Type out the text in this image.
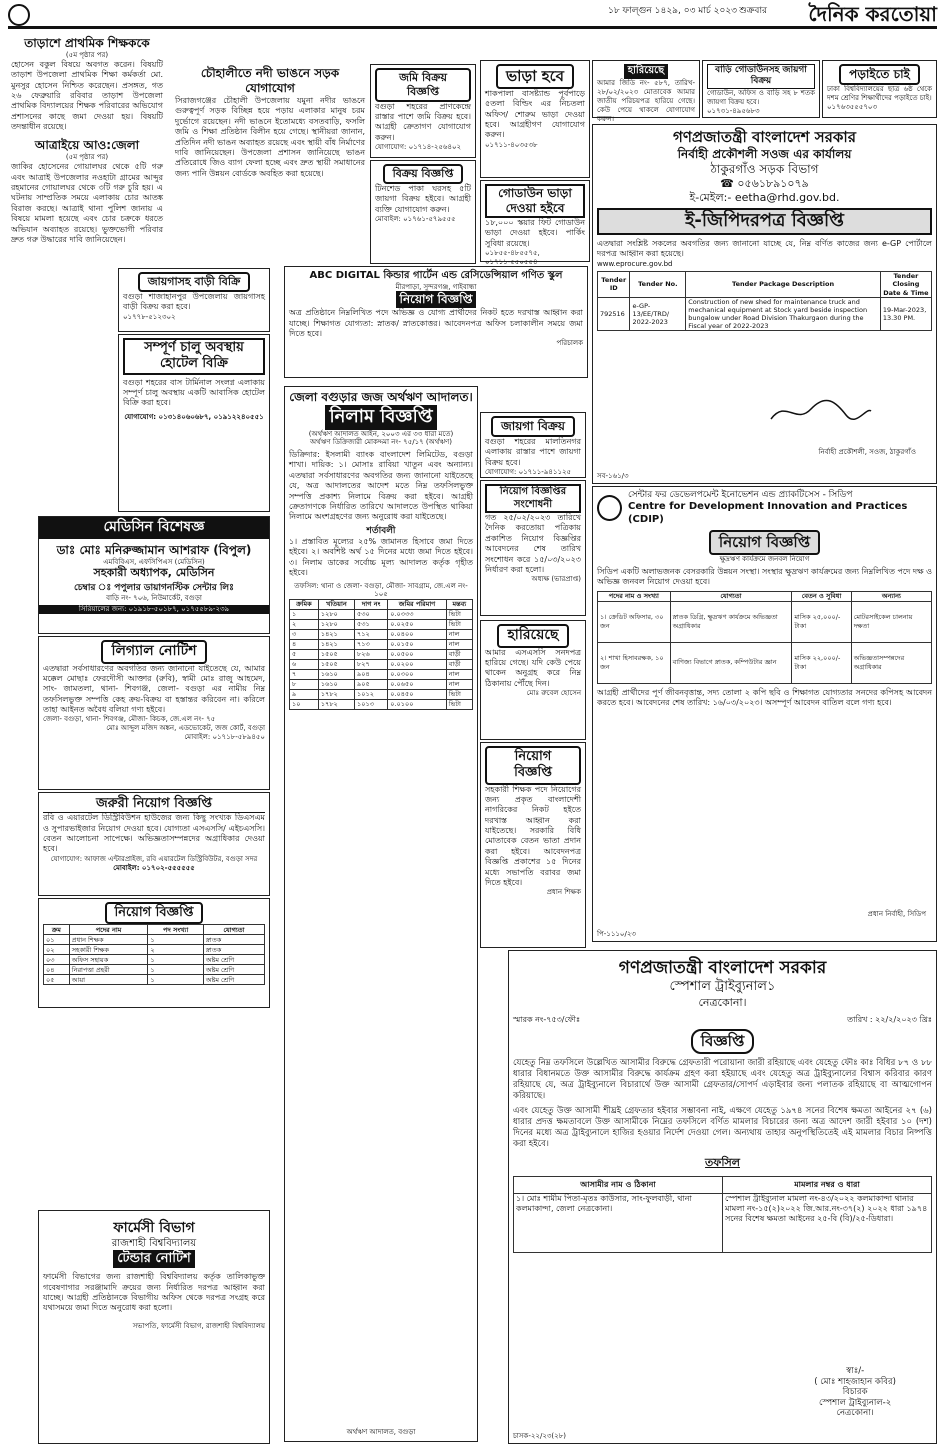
শুক্রবার
১৮ ফাল্গুন ১৪২৯, ০৩ মার্চ ২০২৩	দৈনিক করতোয়া
তাড়াশে প্রাথমিক শিক্ষককে
(৫ম পৃষ্ঠার পর)
হোসেন বকুল বিষয়ে অবগত করেন। বিষয়টি তাড়াশ উপজেলা প্রাথমিক শিক্ষা কর্মকর্তা মো. মুনসুর হোসেন নিশ্চিত করেছেন। প্রসঙ্গত, গত ২৬ ফেব্রুয়ারি রবিবার তাড়াশ উপজেলা প্রাথমিক বিদ্যালয়ের শিক্ষক পরিবারের অভিযোগ প্রশাসনের কাছে জমা দেওয়া হয়। বিষয়টি তদন্তাধীন রয়েছে।
আত্রাইয়ে আও:জেলা
(৫ম পৃষ্ঠার পর)
জাকির হোসেনের গোয়ালঘর থেকে ৫টি গরু এবং আত্রাই উপজেলার নওহাটা গ্রামের আব্দুর রহমানের গোয়ালঘর থেকে ৩টি গরু চুরি হয়। এ ঘটনায় সাম্প্রতিক সময়ে এলাকায় চোর আতঙ্ক বিরাজ করছে। আত্রাই থানা পুলিশ জানায় এ বিষয়ে মামলা হয়েছে এবং চোর চক্রকে ধরতে অভিযান অব্যাহত রয়েছে। ভুক্তভোগী পরিবার দ্রুত গরু উদ্ধারের দাবি জানিয়েছেন।
মেডিসিন বিশেষজ্ঞ
ডাঃ মোঃ মনিরুজ্জামান আশরাফ (বিপুল)
এমবিবিএস, এফসিপিএস (মেডিসিন)
সহকারী অধ্যাপক, মেডিসিন
চেম্বার ঃ পপুলার ডায়াগনস্টিক সেন্টার লিঃ
বাড়ি নং- ৭০৬, নিউমার্কেট, বগুড়া
সিরিয়ালের জন্য: ০১৯১৮-৫০১৮৭, ০১৭৫৫৮৯-২৩৯
লিগ্যাল নোটিশ
এতদ্বারা সর্বসাধারণের অবগতির জন্য জানানো যাইতেছে যে, আমার মক্কেল মোছাঃ ফেরদৌসী আক্তার (রুবি), স্বামী মোঃ রাজু আহমেদ, সাং- জামতলা, থানা- শিবগঞ্জ, জেলা- বগুড়া এর নামীয় নিম্ন তফসিলভুক্ত সম্পত্তি কেহ ক্রয়-বিক্রয় বা হস্তান্তর করিবেন না। করিলে তাহা আইনত অবৈধ বলিয়া গণ্য হইবে।
জেলা- বগুড়া, থানা- শিবগঞ্জ, মৌজা- কিচক, জে.এল নং- ৭৫
মোঃ আব্দুল মজিদ অঙ্কন, এডভোকেট, জজ কোর্ট, বগুড়া
মোবাইল: ০১৭১৮-৫৮৯৪৫০
জরুরী নিয়োগ বিজ্ঞপ্তি
রবি ও এয়ারটেল ডিস্ট্রিবিউশন হাউজের জন্য কিছু সংখ্যক ডিএসএম ও সুপারভাইজার নিয়োগ দেওয়া হবে। যোগ্যতা এসএসসি/ এইচএসসি। বেতন আলোচনা সাপেক্ষে। অভিজ্ঞতাসম্পন্নদের অগ্রাধিকার দেওয়া হবে।
যোগাযোগ: আফাজ এন্টারপ্রাইজ, রবি এয়ারটেল ডিস্ট্রিবিউটর, বগুড়া সদর
মোবাইল: ০১৭০২-৫৫৫৫৫৫
নিয়োগ বিজ্ঞপ্তি
ক্রম	পদের নাম	পদ সংখ্যা	যোগ্যতা
০১	প্রধান শিক্ষক	১	স্নাতক
০২	সহকারী শিক্ষক	২	স্নাতক
০৩	অফিস সহায়ক	১	অষ্টম শ্রেণি
০৪	নিরাপত্তা প্রহরী	১	অষ্টম শ্রেণি
০৫	আয়া	১	অষ্টম শ্রেণি
ফার্মেসী বিভাগ
রাজশাহী বিশ্ববিদ্যালয়
টেন্ডার নোটিশ
ফার্মেসী বিভাগের জন্য রাজশাহী বিশ্ববিদ্যালয় কর্তৃক তালিকাভুক্ত গবেষণাগার সরঞ্জামাদি ক্রয়ের জন্য নির্ধারিত দরপত্র আহ্বান করা যাচ্ছে। আগ্রহী প্রতিষ্ঠানকে বিভাগীয় অফিস থেকে দরপত্র সংগ্রহ করে যথাসময়ে জমা দিতে অনুরোধ করা হলো।
সভাপতি, ফার্মেসী বিভাগ, রাজশাহী বিশ্ববিদ্যালয়
চৌহালীতে নদী ভাঙনে সড়ক যোগাযোগ
সিরাজগঞ্জের চৌহালী উপজেলায় যমুনা নদীর ভাঙনে গুরুত্বপূর্ণ সড়ক বিচ্ছিন্ন হয়ে পড়ায় এলাকার মানুষ চরম দুর্ভোগে রয়েছেন। নদী ভাঙনে ইতোমধ্যে বসতবাড়ি, ফসলি জমি ও শিক্ষা প্রতিষ্ঠান বিলীন হয়ে গেছে। স্থানীয়রা জানান, প্রতিদিন নদী ভাঙন অব্যাহত রয়েছে এবং স্থায়ী বাঁধ নির্মাণের দাবি জানিয়েছেন। উপজেলা প্রশাসন জানিয়েছে ভাঙন প্রতিরোধে জিও ব্যাগ ফেলা হচ্ছে এবং দ্রুত স্থায়ী সমাধানের জন্য পানি উন্নয়ন বোর্ডকে অবহিত করা হয়েছে।
জমি বিক্রয় বিজ্ঞপ্তি
বগুড়া শহরের প্রাণকেন্দ্রে রাস্তার পাশে জমি বিক্রয় হবে। আগ্রহী ক্রেতাগণ যোগাযোগ করুন।
যোগাযোগ: ০১৭১৪-২৫৬৪০২
বিক্রয় বিজ্ঞপ্তি
টিনশেড পাকা ঘরসহ ৫টি জায়গা বিক্রয় হইবে। আগ্রহী ব্যক্তি যোগাযোগ করুন।
মোবাইল: ০১৭৬১-৫৭৯৫৫৫
জায়গাসহ বাড়ী বিক্রি
বগুড়া শাজাহানপুর উপজেলায় জায়গাসহ বাড়ী বিক্রয় করা হবে।
০১৭৭৮-৫১২৩০২
সম্পূর্ণ চালু অবস্থায় হোটেল বিক্রি
বগুড়া শহরের বাস টার্মিনাল সংলগ্ন এলাকায় সম্পূর্ণ চালু অবস্থায় একটি আবাসিক হোটেল বিক্রি করা হবে।
যোগাযোগ: ০১৩১৪০৬০৬৮৭, ০১৯১২২৪০৫৫১
ABC DIGITAL কিন্ডার গার্টেন এন্ড রেসিডেন্সিয়াল গণিত স্কুল
মীরপাড়া, সুন্দরগঞ্জ, গাইবান্ধা
নিয়োগ বিজ্ঞপ্তি
অত্র প্রতিষ্ঠানে নিম্নলিখিত পদে অভিজ্ঞ ও যোগ্য প্রার্থীদের নিকট হতে দরখাস্ত আহ্বান করা যাচ্ছে। শিক্ষাগত যোগ্যতা: স্নাতক/ স্নাতকোত্তর। আবেদনপত্র অফিস চলাকালীন সময়ে জমা দিতে হবে।
পরিচালক
জেলা বগুড়ার জজ অর্থঋণ আদালত।
নিলাম বিজ্ঞপ্তি
(অর্থঋণ আদালত আইন, ২০০৩ এর ৩৩ ধারা মতে)
অর্থঋণ ডিক্রিজারী মোকদ্দমা নং- ৭৫/১৭ (অর্থঋণ)
ডিক্রিদার: ইসলামী ব্যাংক বাংলাদেশ লিমিটেড, বগুড়া শাখা। দায়িক: ১। মোসাঃ রাবিয়া খাতুন এবং অন্যান্য। এতদ্বারা সর্বসাধারণের অবগতির জন্য জানানো যাইতেছে যে, অত্র আদালতের আদেশ মতে নিম্ন তফসিলভুক্ত সম্পত্তি প্রকাশ্য নিলামে বিক্রয় করা হইবে। আগ্রহী ক্রেতাগণকে নির্ধারিত তারিখে আদালতে উপস্থিত থাকিয়া নিলামে অংশগ্রহণের জন্য অনুরোধ করা যাইতেছে।
শর্তাবলী
১। প্রস্তাবিত মূল্যের ২৫% জামানত হিসাবে জমা দিতে হইবে। ২। অবশিষ্ট অর্থ ১৫ দিনের মধ্যে জমা দিতে হইবে। ৩। নিলাম ডাকের সর্বোচ্চ মূল্য আদালত কর্তৃক গৃহীত হইবে।
তফসিল: থানা ও জেলা- বগুড়া, মৌজা- সাবগ্রাম, জে.এল নং- ১০৫
ক্রমিক	খতিয়ান	দাগ নং	জমির পরিমাণ	মন্তব্য
১	১২৮০	৫৩০	০.০৩৩৩	ভিটা
২	১২৮০	৫৩১	০.০২৫০	ভিটা
৩	১৪২১	৭১২	০.০৪০০	নাল
৪	১৪২১	৭১৩	০.০১৫০	নাল
৫	১৫০৫	৮২৬	০.০৫০০	বাড়ী
৬	১৫০৫	৮২৭	০.০২০০	বাড়ী
৭	১৬১০	৯০৪	০.০৩০০	নাল
৮	১৬১০	৯০৫	০.০৬৫০	নাল
৯	১৭৮২	১০১২	০.০৪৫০	ভিটা
১০	১৭৮২	১০১৩	০.০১০০	ভিটা
অর্থঋণ আদালত, বগুড়া
ভাড়া হবে
শাকপালা বাসষ্ট্যান্ড পূর্বপাড়ে ৫তলা বিল্ডিং এর নিচতলা অফিস/ শোরুম ভাড়া দেওয়া হবে। আগ্রহীগণ যোগাযোগ করুন।
০১৭১১-৪০৩৫৩৮
গোডাউন ভাড়া দেওয়া হইবে
১৮,০০০ স্কয়ার ফিট গোডাউন ভাড়া দেওয়া হইবে। পার্কিং সুবিধা রয়েছে।
০১৮৫৫-৪৮৫৫৭৫, ০১৭১১-৫৫০৫৫৪
জায়গা বিক্রয়
বগুড়া শহরের মালতিনগর এলাকায় রাস্তার পাশে জায়গা বিক্রয় হবে।
যোগাযোগ: ০১৭১১-৯৪১১২৫
নিয়োগ বিজ্ঞপ্তির সংশোধনী
গত ২৫/০২/২০২৩ তারিখে দৈনিক করতোয়া পত্রিকায় প্রকাশিত নিয়োগ বিজ্ঞপ্তির আবেদনের শেষ তারিখ সংশোধন করে ১৫/০৩/২০২৩ নির্ধারণ করা হলো।
অধ্যক্ষ (ভারপ্রাপ্ত)
হারিয়েছে
আমার এসএসসি সনদপত্র হারিয়ে গেছে। যদি কেউ পেয়ে থাকেন অনুগ্রহ করে নিম্ন ঠিকানায় পৌঁছে দিন।
মোঃ রুবেল হোসেন
নিয়োগ বিজ্ঞপ্তি
সহকারী শিক্ষক পদে নিয়োগের জন্য প্রকৃত বাংলাদেশী নাগরিকের নিকট হইতে দরখাস্ত আহ্বান করা যাইতেছে। সরকারি বিধি মোতাবেক বেতন ভাতা প্রদান করা হইবে। আবেদনপত্র বিজ্ঞপ্তি প্রকাশের ১৫ দিনের মধ্যে সভাপতি বরাবর জমা দিতে হইবে।
প্রধান শিক্ষক
হারিয়েছে
আমার জিডি নং- ৫৮৭, তারিখ- ২৮/০২/২০২৩ মোতাবেক আমার জাতীয় পরিচয়পত্র হারিয়ে গেছে। কেউ পেয়ে থাকলে যোগাযোগ করুন।
বাড়ি গোডাউনসহ জায়গা বিক্রয়
গোডাউন, অফিস ও বাড়ি সহ ৮ শতক জায়গা বিক্রয় হবে।
০১৭৩১-৪৯৫৬৮৩
পড়াইতে চাই
ঢাকা বিশ্ববিদ্যালয়ের ছাত্র ৬ষ্ঠ থেকে দশম শ্রেণির শিক্ষার্থীদের পড়াইতে চাই।
০১৭৬৩৫৫৫৭০৩
গণপ্রজাতন্ত্রী বাংলাদেশ সরকার
নির্বাহী প্রকৌশলী সওজ এর কার্যালয়
ঠাকুরগাঁও সড়ক বিভাগ
☎ ০৫৬১৮৯১০৭৯
ই-মেইল:- eetha@rhd.gov.bd.
ই-জিপিদরপত্র বিজ্ঞপ্তি
এতদ্বারা সংশ্লিষ্ট সকলের অবগতির জন্য জানানো যাচ্ছে যে, নিম্ন বর্ণিত কাজের জন্য e-GP পোর্টালে দরপত্র আহ্বান করা হয়েছে।
www.eprocure.gov.bd
Tender ID	Tender No.	Tender Package Description	Tender Closing Date & Time
792516	e-GP-13/EE/TRD/ 2022-2023	Construction of new shed for maintenance truck and mechanical equipment at Stock yard beside inspection bungalow under Road Division Thakurgaon during the Fiscal year of 2022-2023	19-Mar-2023, 13.30 PM.
নির্বাহী প্রকৌশলী, সওজ, ঠাকুরগাঁও
সব-১৬১/৩
সেন্টার ফর ডেভেলপমেন্ট ইনোভেশন এন্ড প্র্যাকটিসেস - সিডিপ
Centre for Development Innovation and Practices (CDIP)
নিয়োগ বিজ্ঞপ্তি
ক্ষুদ্রঋণ কার্যক্রমে জনবল নিয়োগ
সিডিপ একটি অলাভজনক বেসরকারি উন্নয়ন সংস্থা। সংস্থার ক্ষুদ্রঋণ কার্যক্রমের জন্য নিম্নলিখিত পদে দক্ষ ও অভিজ্ঞ জনবল নিয়োগ দেওয়া হবে।
পদের নাম ও সংখ্যা	যোগ্যতা	বেতন ও সুবিধা	অন্যান্য
১। ক্রেডিট অফিসার, ৩০ জন	স্নাতক ডিগ্রি, ক্ষুদ্রঋণ কার্যক্রমে অভিজ্ঞতা অগ্রাধিকার	মাসিক ২৫,০০০/- টাকা	মোটরসাইকেল চালনায় দক্ষতা
২। শাখা হিসাবরক্ষক, ১০ জন	বাণিজ্য বিভাগে স্নাতক, কম্পিউটার জ্ঞান	মাসিক ২২,০০০/- টাকা	অভিজ্ঞতাসম্পন্নদের অগ্রাধিকার
আগ্রহী প্রার্থীদের পূর্ণ জীবনবৃত্তান্ত, সদ্য তোলা ২ কপি ছবি ও শিক্ষাগত যোগ্যতার সনদের কপিসহ আবেদন করতে হবে। আবেদনের শেষ তারিখ: ১৬/০৩/২০২৩। অসম্পূর্ণ আবেদন বাতিল বলে গণ্য হবে।
প্রধান নির্বাহী, সিডিপ
পি-১১১০/২৩
গণপ্রজাতন্ত্রী বাংলাদেশ সরকার
স্পেশাল ট্রাইব্যুনাল১
নেত্রকোনা।
স্মারক নং-৭৫৩/ফৌঃ	তারিখ : ২২/২/২০২৩ খ্রিঃ
বিজ্ঞপ্তি
যেহেতু নিম্ন তফসিলে উল্লেখিত আসামীর বিরুদ্ধে গ্রেফতারী পরোয়ানা জারী রহিয়াছে এবং যেহেতু ফৌঃ কাঃ বিধির ৮৭ ও ৮৮ ধারার বিধানমতে উক্ত আসামীর বিরুদ্ধে কার্যক্রম গ্রহণ করা হইয়াছে এবং যেহেতু অত্র ট্রাইব্যুনালের বিশ্বাস করিবার কারণ রহিয়াছে যে, অত্র ট্রাইব্যুনালে বিচারার্থে উক্ত আসামী গ্রেফতার/সোপর্দ এড়াইবার জন্য পলাতক রহিয়াছে বা আত্মগোপন করিয়াছে।
এবং যেহেতু উক্ত আসামী শীঘ্রই গ্রেফতার হইবার সম্ভাবনা নাই, এক্ষণে যেহেতু ১৯৭৪ সনের বিশেষ ক্ষমতা আইনের ২৭ (৬) ধারার প্রদত্ত ক্ষমতাবলে উক্ত আসামীকে নিম্নের তফসিলে বর্ণিত মামলার বিচারের জন্য অত্র আদেশ জারী হইবার ১০ (দশ) দিনের মধ্যে অত্র ট্রাইব্যুনালে হাজির হওয়ার নির্দেশ দেওয়া গেল। অন্যথায় তাহার অনুপস্থিতিতেই এই মামলার বিচার নিষ্পত্তি করা হইবে।
তফসিল
আসামীর নাম ও ঠিকানা	মামলার নম্বর ও ধারা
১। মোঃ শামীম পিতা-মৃতঃ কাউসার, সাং-ফুলবাড়ী, থানা কলমাকান্দা, জেলা নেত্রকোনা।	স্পেশাল ট্রাইব্যুনাল মামলা নং-৪৩/২০২২ কলমাকান্দা থানার মামলা নং-১৫(২)২০২২ জি.আর.নং-৩৭(২) ২০২২ ধারা ১৯৭৪ সনের বিশেষ ক্ষমতা আইনের ২৫-বি (বি)/২৫-ডিধারা।
স্বাঃ/-
( মোঃ শাহজাহান কবির)
বিচারক
স্পেশাল ট্রাইব্যুনাল-২
নেত্রকোনা।
চাসক-২২/২৩(২৮)
